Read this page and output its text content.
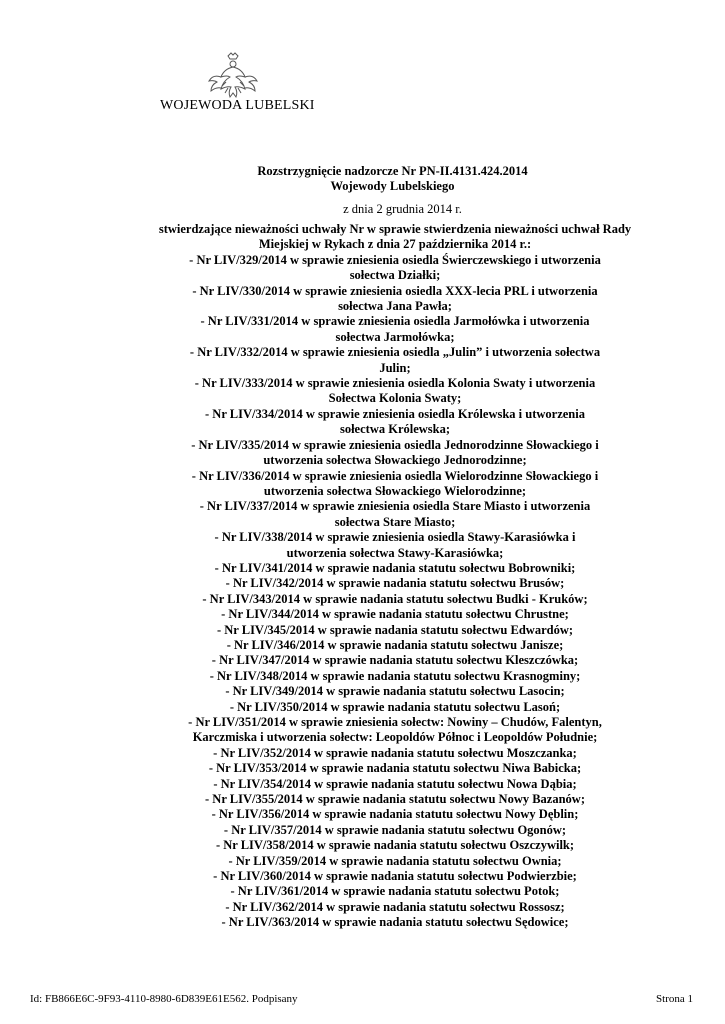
WOJEWODA LUBELSKI
Rozstrzygnięcie nadzorcze Nr PN-II.4131.424.2014
Wojewody Lubelskiego
z dnia 2 grudnia 2014 r.

stwierdzające nieważności uchwały Nr w sprawie stwierdzenia nieważności uchwał Rady

Miejskiej w Rykach z dnia 27 października 2014 r.:

- Nr LIV/329/2014 w sprawie zniesienia osiedla Świerczewskiego i utworzenia

sołectwa Działki;

- Nr LIV/330/2014 w sprawie zniesienia osiedla XXX-lecia PRL i utworzenia

sołectwa Jana Pawła;

- Nr LIV/331/2014 w sprawie zniesienia osiedla Jarmołówka i utworzenia

sołectwa Jarmołówka;

- Nr LIV/332/2014 w sprawie zniesienia osiedla „Julin” i utworzenia sołectwa

Julin;

- Nr LIV/333/2014 w sprawie zniesienia osiedla Kolonia Swaty i utworzenia

Sołectwa Kolonia Swaty;

- Nr LIV/334/2014 w sprawie zniesienia osiedla Królewska i utworzenia

sołectwa Królewska;

- Nr LIV/335/2014 w sprawie zniesienia osiedla Jednorodzinne Słowackiego i

utworzenia sołectwa Słowackiego Jednorodzinne;

- Nr LIV/336/2014 w sprawie zniesienia osiedla Wielorodzinne Słowackiego i

utworzenia sołectwa Słowackiego Wielorodzinne;

- Nr LIV/337/2014 w sprawie zniesienia osiedla Stare Miasto i utworzenia

sołectwa Stare Miasto;

- Nr LIV/338/2014 w sprawie zniesienia osiedla Stawy-Karasiówka i

utworzenia sołectwa Stawy-Karasiówka;

- Nr LIV/341/2014 w sprawie nadania statutu sołectwu Bobrowniki;

- Nr LIV/342/2014 w sprawie nadania statutu sołectwu Brusów;

- Nr LIV/343/2014 w sprawie nadania statutu sołectwu Budki - Kruków;

- Nr LIV/344/2014 w sprawie nadania statutu sołectwu Chrustne;

- Nr LIV/345/2014 w sprawie nadania statutu sołectwu Edwardów;

- Nr LIV/346/2014 w sprawie nadania statutu sołectwu Janisze;

- Nr LIV/347/2014 w sprawie nadania statutu sołectwu Kleszczówka;

- Nr LIV/348/2014 w sprawie nadania statutu sołectwu Krasnogminy;

- Nr LIV/349/2014 w sprawie nadania statutu sołectwu Lasocin;

- Nr LIV/350/2014 w sprawie nadania statutu sołectwu Lasoń;

- Nr LIV/351/2014 w sprawie zniesienia sołectw: Nowiny – Chudów, Falentyn,

Karczmiska i utworzenia sołectw: Leopoldów Północ i Leopoldów Południe;

- Nr LIV/352/2014 w sprawie nadania statutu sołectwu Moszczanka;

- Nr LIV/353/2014 w sprawie nadania statutu sołectwu Niwa Babicka;

- Nr LIV/354/2014 w sprawie nadania statutu sołectwu Nowa Dąbia;

- Nr LIV/355/2014 w sprawie nadania statutu sołectwu Nowy Bazanów;

- Nr LIV/356/2014 w sprawie nadania statutu sołectwu Nowy Dęblin;

- Nr LIV/357/2014 w sprawie nadania statutu sołectwu Ogonów;

- Nr LIV/358/2014 w sprawie nadania statutu sołectwu Oszczywilk;

- Nr LIV/359/2014 w sprawie nadania statutu sołectwu Ownia;

- Nr LIV/360/2014 w sprawie nadania statutu sołectwu Podwierzbie;

- Nr LIV/361/2014 w sprawie nadania statutu sołectwu Potok;

- Nr LIV/362/2014 w sprawie nadania statutu sołectwu Rossosz;

- Nr LIV/363/2014 w sprawie nadania statutu sołectwu Sędowice;

Id: FB866E6C-9F93-4110-8980-6D839E61E562. Podpisany	Strona 1
